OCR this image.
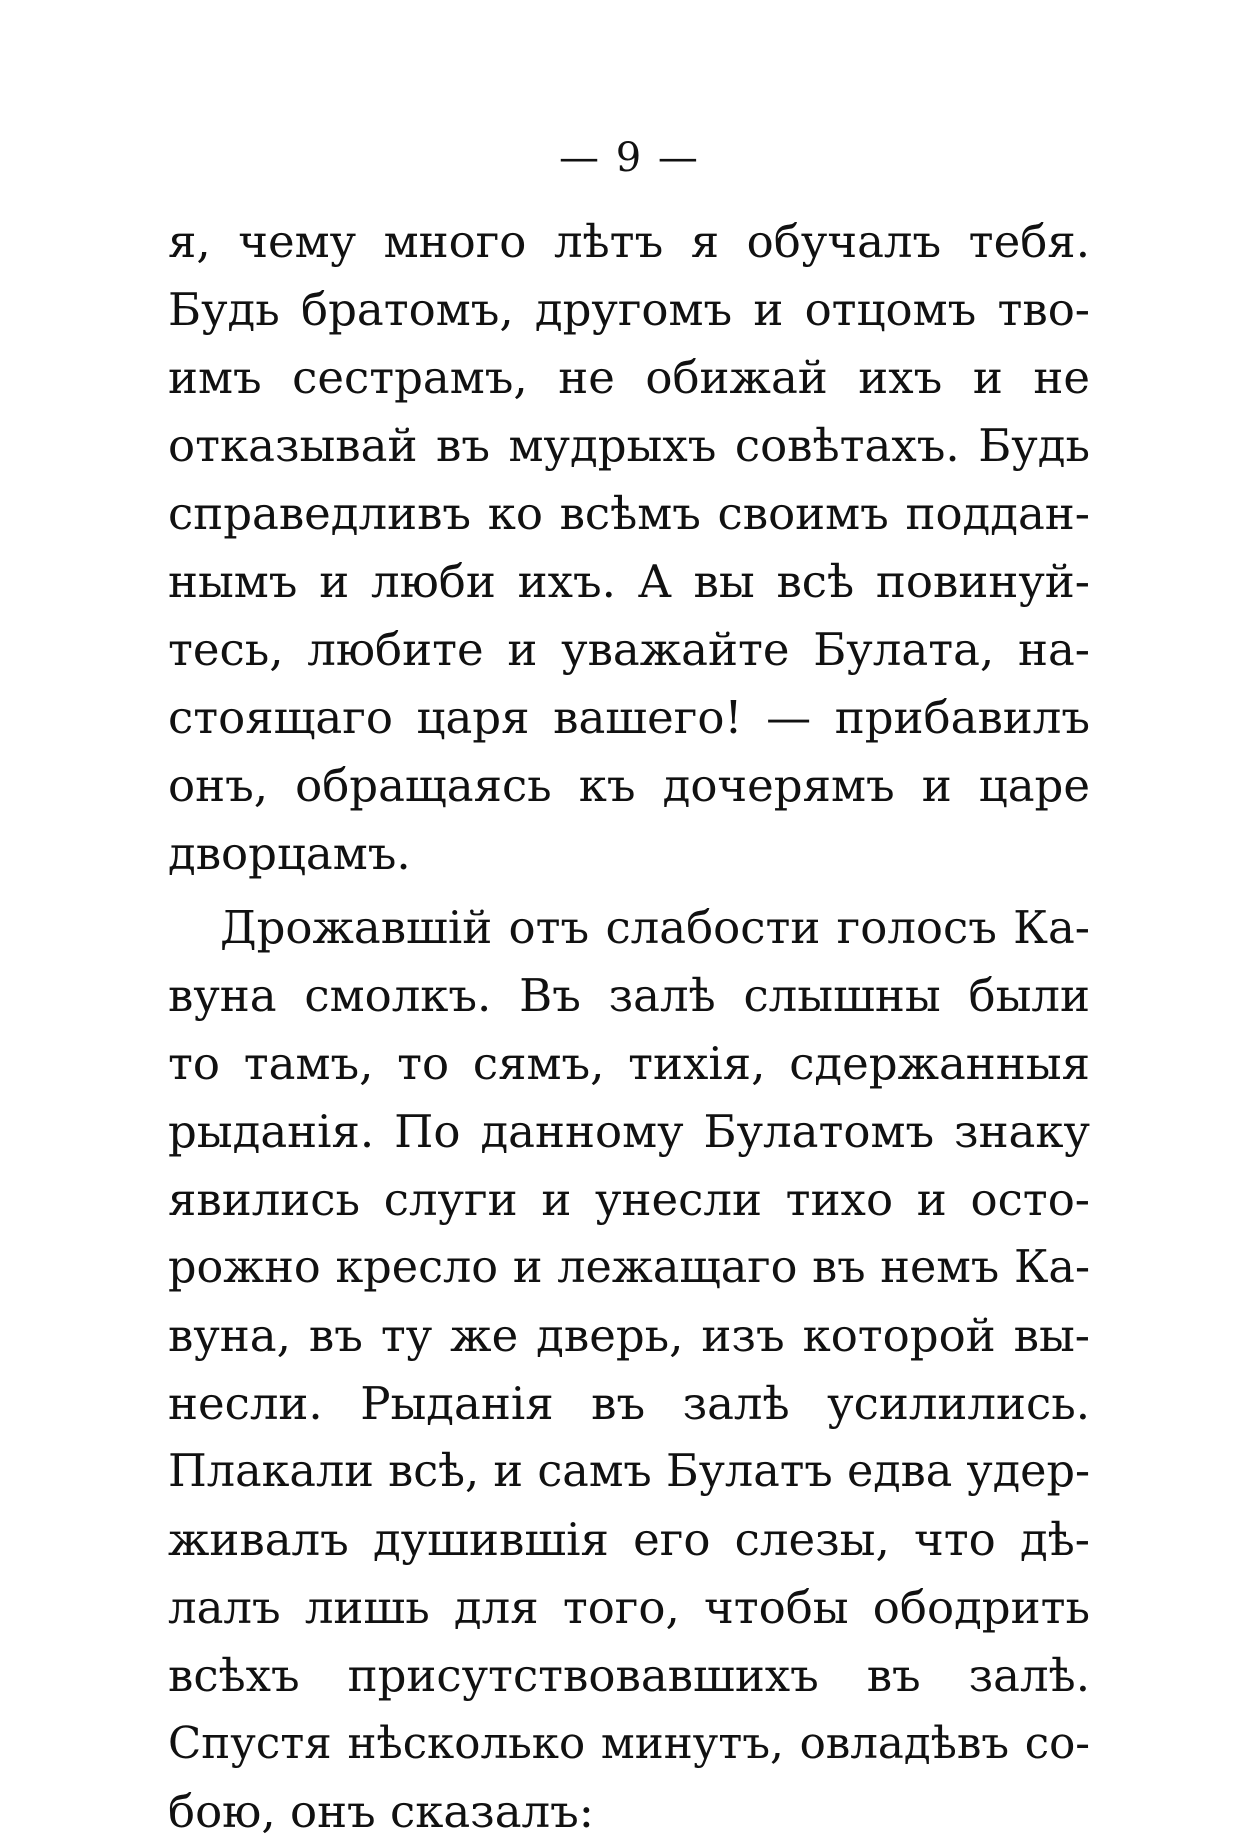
— 9 —
я, чему много лѣтъ я обучалъ тебя.
Будь братомъ, другомъ и отцомъ тво-
имъ сестрамъ, не обижай ихъ и не
отказывай въ мудрыхъ совѣтахъ. Будь
справедливъ ко всѣмъ своимъ поддан-
нымъ и люби ихъ. А вы всѣ повинуй-
тесь, любите и уважайте Булата, на-
стоящаго царя вашего! — прибавилъ
онъ, обращаясь къ дочерямъ и царе
дворцамъ.
Дрожавшій отъ слабости голосъ Ка-
вуна смолкъ. Въ залѣ слышны были
то тамъ, то сямъ, тихія, сдержанныя
рыданія. По данному Булатомъ знаку
явились слуги и унесли тихо и осто-
рожно кресло и лежащаго въ немъ Ка-
вуна, въ ту же дверь, изъ которой вы-
несли. Рыданія въ залѣ усилились.
Плакали всѣ, и самъ Булатъ едва удер-
живалъ душившія его слезы, что дѣ-
лалъ лишь для того, чтобы ободрить
всѣхъ присутствовавшихъ въ залѣ.
Спустя нѣсколько минутъ, овладѣвъ со-
бою, онъ сказалъ:
